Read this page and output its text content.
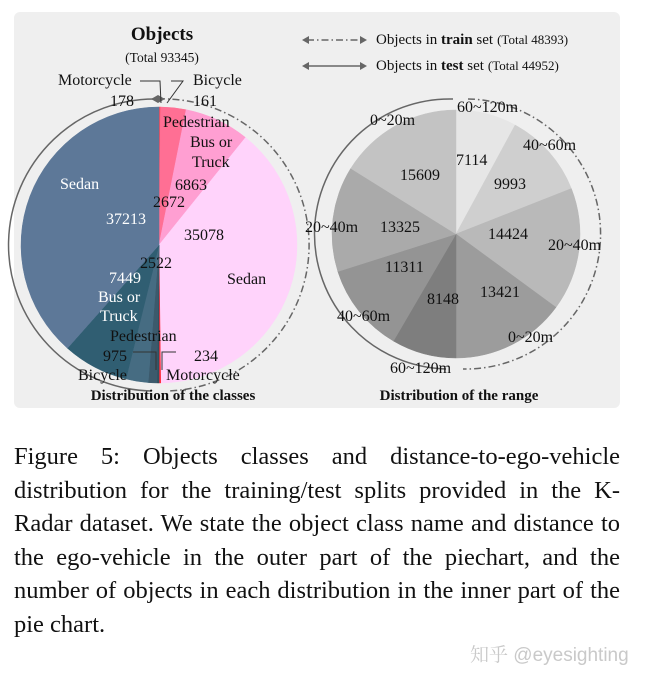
Objects
(Total 93345)
Bicycle
161
Motorcycle
178
Pedestrian
Bus or
Truck
Sedan
6863
2672
35078
Sedan
37213
2522
7449
Bus or
Truck
Pedestrian
975	234
Bicycle Motorcycle
Distribution of the classes
Objects in train set (Total 48393)
Objects in test set (Total 44952)
60~120m
7114
40~60m
9993
14424
20~40m
13421
0~20m
0~20m
15609
20~40m 13325
11311
8148
40~60m
60~120m
Distribution of the range

Figure 5: Objects classes and distance-to-ego-vehicle distribution for the training/test splits provided in the K-Radar dataset. We state the object class name and distance to the ego-vehicle in the outer part of the piechart, and the number of objects in each distribution in the inner part of the pie chart.

知乎 @eyesighting
